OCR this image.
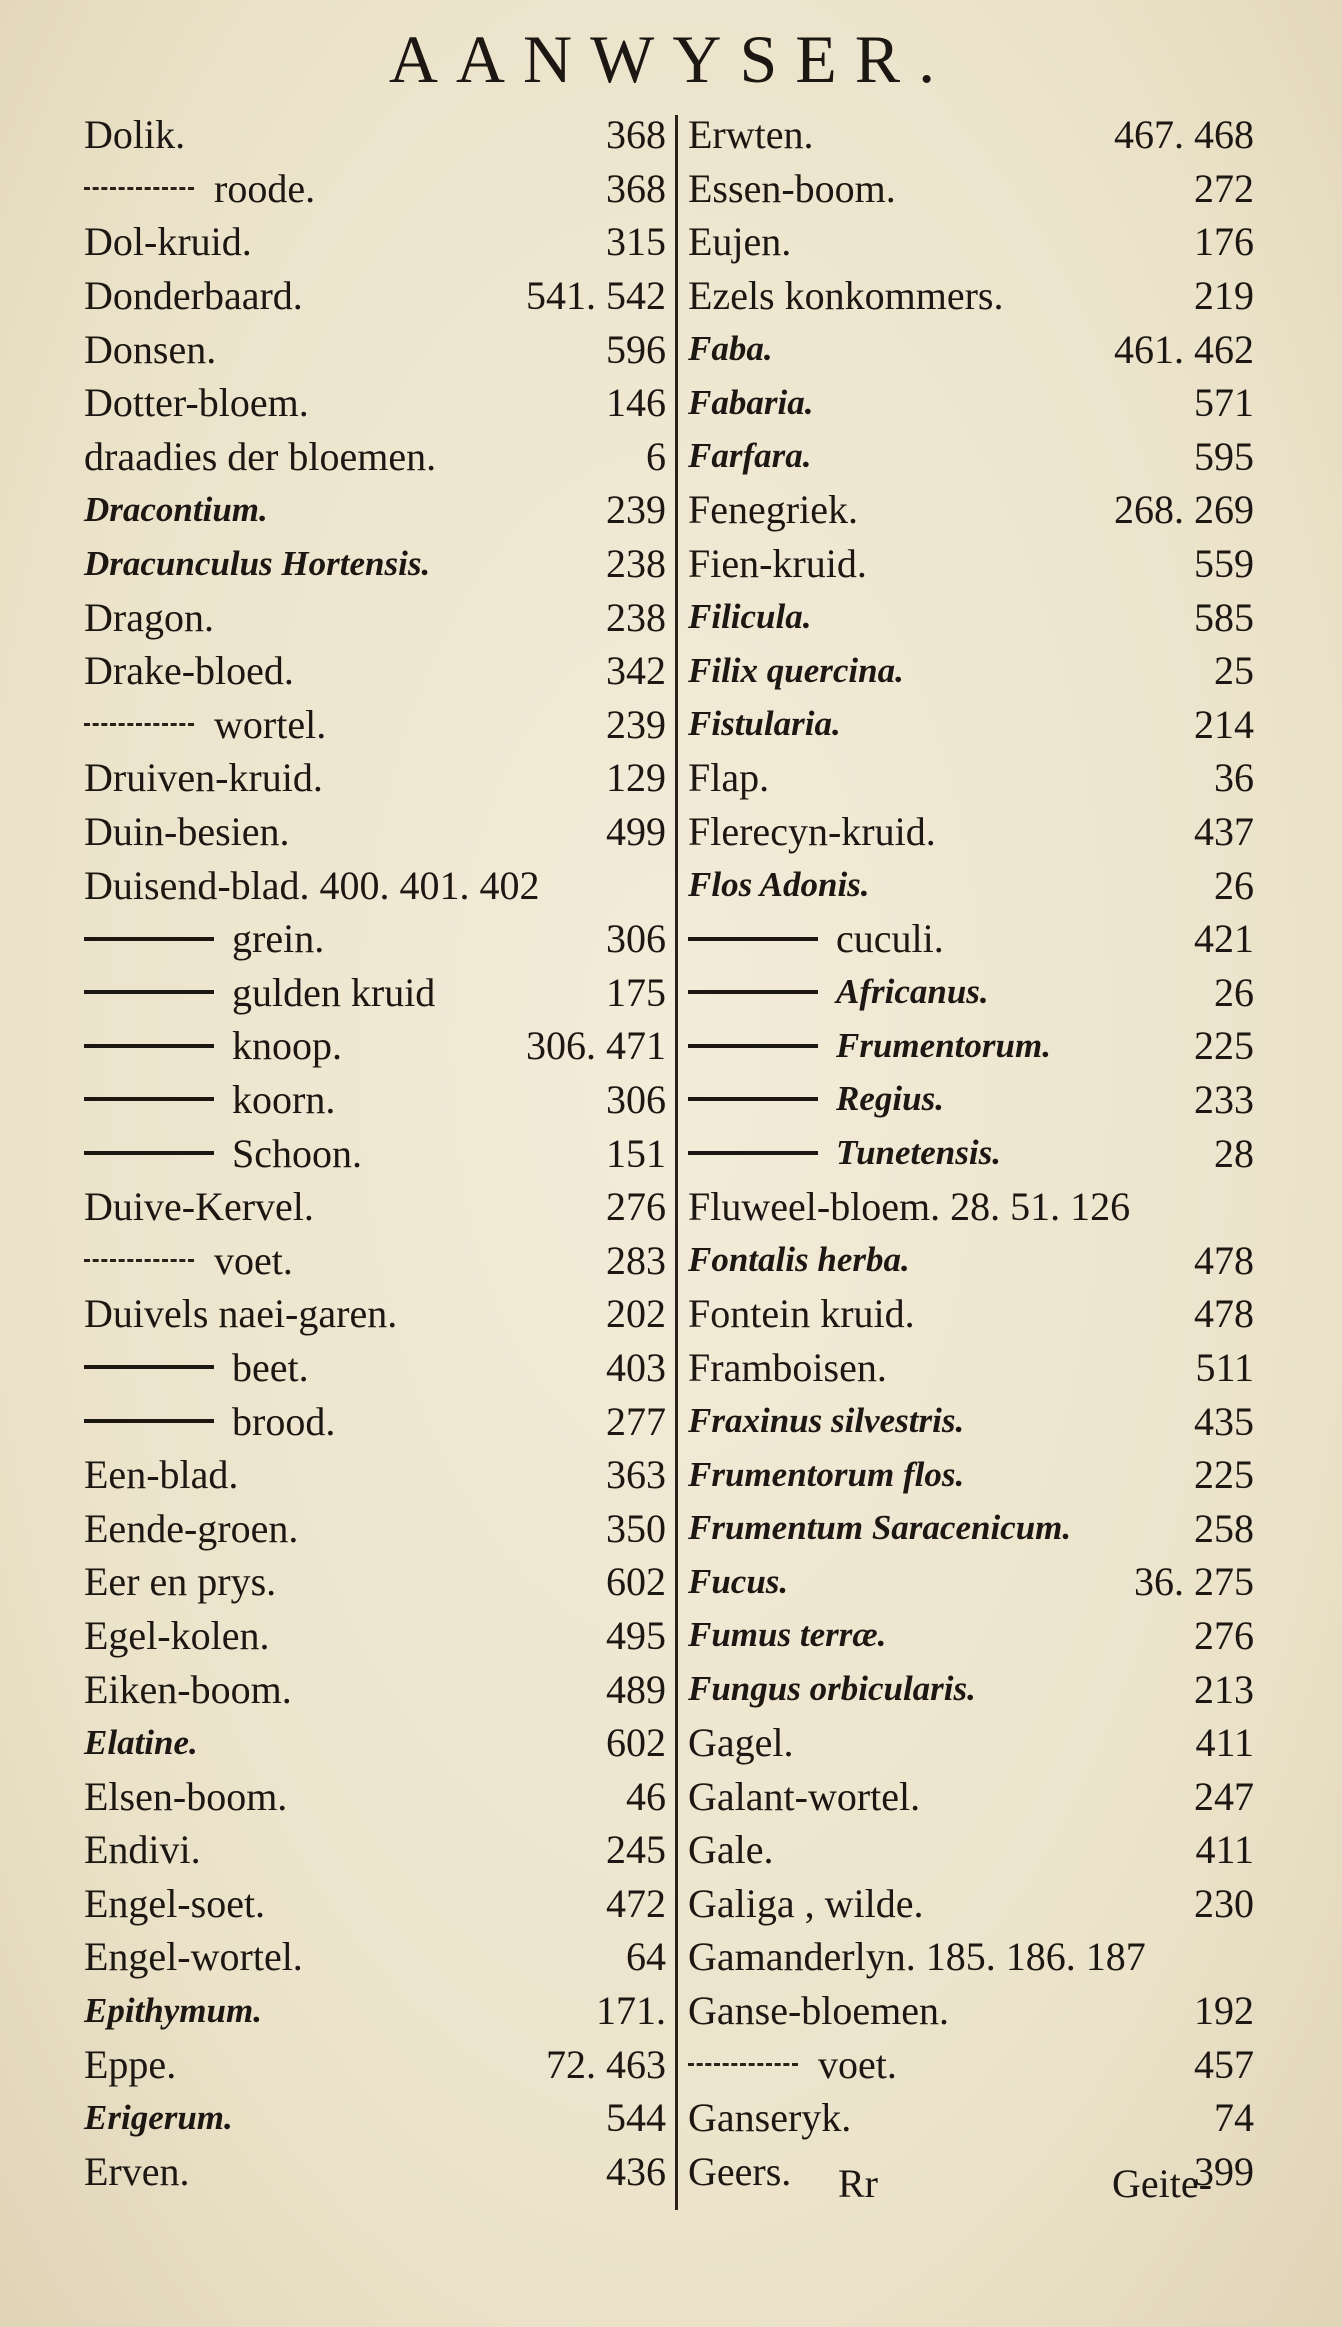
AANWYSER.
Dolik.	368
roode.	368
Dol-kruid.	315
Donderbaard.	541. 542
Donsen.	596
Dotter-bloem.	146
draadies der bloemen.	6
Dracontium.	239
Dracunculus Hortensis.	238
Dragon.	238
Drake-bloed.	342
wortel.	239
Druiven-kruid.	129
Duin-besien.	499
Duisend-blad. 400. 401. 402
grein.	306
gulden kruid	175
knoop.	306. 471
koorn.	306
Schoon.	151
Duive-Kervel.	276
voet.	283
Duivels naei-garen.	202
beet.	403
brood.	277
Een-blad.	363
Eende-groen.	350
Eer en prys.	602
Egel-kolen.	495
Eiken-boom.	489
Elatine.	602
Elsen-boom.	46
Endivi.	245
Engel-soet.	472
Engel-wortel.	64
Epithymum.	171.
Eppe.	72. 463
Erigerum.	544
Erven.	436
Erwten.	467. 468
Essen-boom.	272
Eujen.	176
Ezels konkommers.	219
Faba.	461. 462
Fabaria.	571
Farfara.	595
Fenegriek.	268. 269
Fien-kruid.	559
Filicula.	585
Filix quercina.	25
Fistularia.	214
Flap.	36
Flerecyn-kruid.	437
Flos Adonis.	26
cuculi.	421
Africanus.	26
Frumentorum.	225
Regius.	233
Tunetensis.	28
Fluweel-bloem. 28. 51. 126
Fontalis herba.	478
Fontein kruid.	478
Framboisen.	511
Fraxinus silvestris.	435
Frumentorum flos.	225
Frumentum Saracenicum.	258
Fucus.	36. 275
Fumus terræ.	276
Fungus orbicularis.	213
Gagel.	411
Galant-wortel.	247
Gale.	411
Galiga , wilde.	230
Gamanderlyn. 185. 186. 187
Ganse-bloemen.	192
voet.	457
Ganseryk.	74
Geers.	399
Rr	Geite-
